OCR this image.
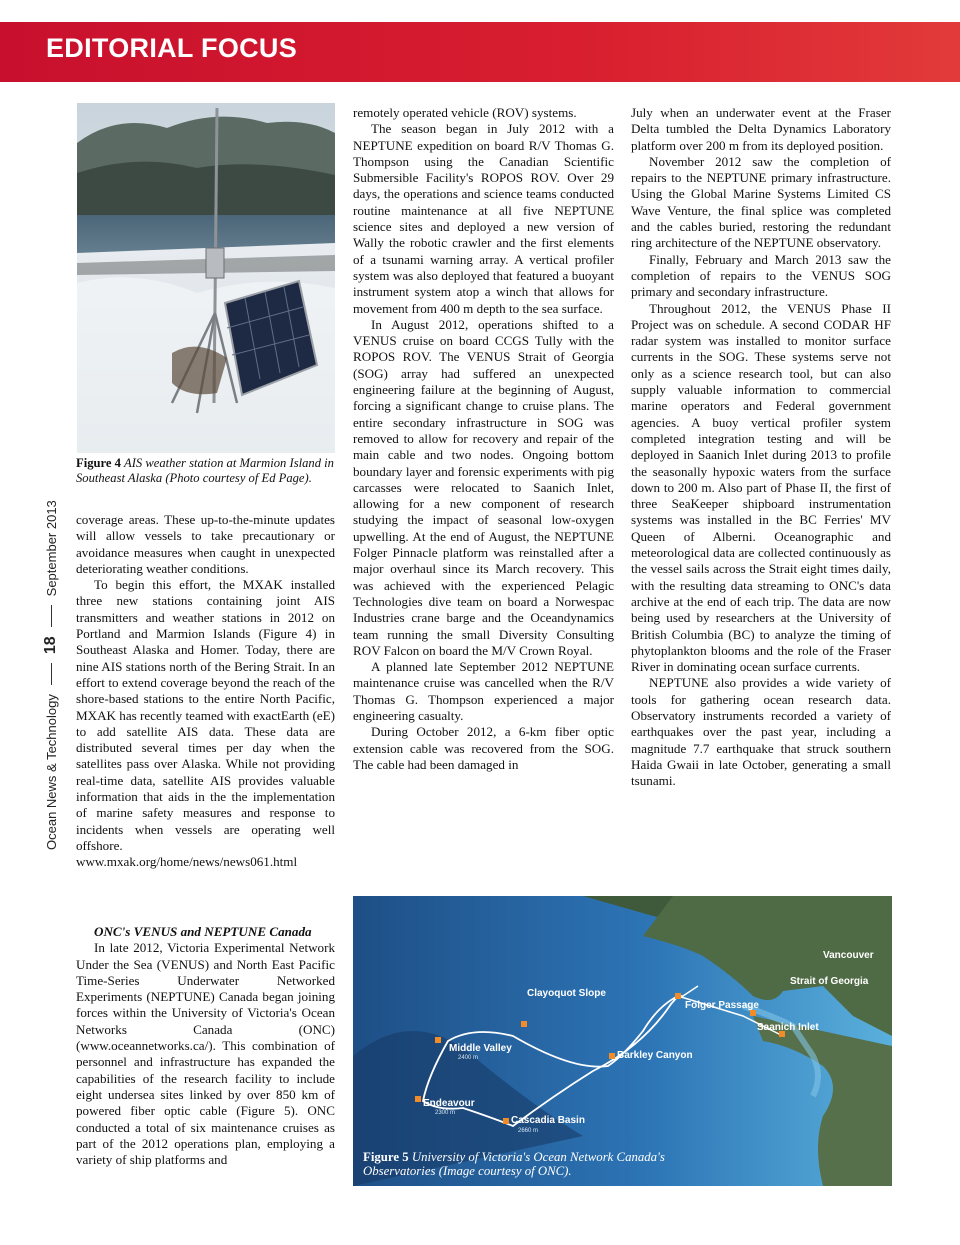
EDITORIAL FOCUS
Ocean News & Technology
18
September 2013
Figure 4 AIS weather station at Marmion Island in Southeast Alaska (Photo courtesy of Ed Page).

coverage areas. These up-to-the-minute updates will allow vessels to take precautionary or avoidance measures when caught in unexpected deteriorating weather conditions.

To begin this effort, the MXAK installed three new stations containing joint AIS transmitters and weather stations in 2012 on Portland and Marmion Islands (Figure 4) in Southeast Alaska and Homer. Today, there are nine AIS stations north of the Bering Strait. In an effort to extend coverage beyond the reach of the shore-based stations to the entire North Pacific, MXAK has recently teamed with exactEarth (eE) to add satellite AIS data. These data are distributed several times per day when the satellites pass over Alaska. While not providing real-time data, satellite AIS provides valuable information that aids in the the implementation of marine safety measures and response to incidents when vessels are operating well offshore. www.mxak.org/home/news/news061.html

ONC's VENUS and NEPTUNE Canada

In late 2012, Victoria Experimental Network Under the Sea (VENUS) and North East Pacific Time-Series Underwater Networked Experiments (NEPTUNE) Canada began joining forces within the University of Victoria's Ocean Networks Canada (ONC) (www.oceannetworks.ca/). This combination of personnel and infrastructure has expanded the capabilities of the research facility to include eight undersea sites linked by over 850 km of powered fiber optic cable (Figure 5). ONC conducted a total of six maintenance cruises as part of the 2012 operations plan, employing a variety of ship platforms and

remotely operated vehicle (ROV) systems.

The season began in July 2012 with a NEPTUNE expedition on board R/V Thomas G. Thompson using the Canadian Scientific Submersible Facility's ROPOS ROV. Over 29 days, the operations and science teams conducted routine maintenance at all five NEPTUNE science sites and deployed a new version of Wally the robotic crawler and the first elements of a tsunami warning array. A vertical profiler system was also deployed that featured a buoyant instrument system atop a winch that allows for movement from 400 m depth to the sea surface.

In August 2012, operations shifted to a VENUS cruise on board CCGS Tully with the ROPOS ROV. The VENUS Strait of Georgia (SOG) array had suffered an unexpected engineering failure at the beginning of August, forcing a significant change to cruise plans. The entire secondary infrastructure in SOG was removed to allow for recovery and repair of the main cable and two nodes. Ongoing bottom boundary layer and forensic experiments with pig carcasses were relocated to Saanich Inlet, allowing for a new component of research studying the impact of seasonal low-oxygen upwelling. At the end of August, the NEPTUNE Folger Pinnacle platform was reinstalled after a major overhaul since its March recovery. This was achieved with the experienced Pelagic Technologies dive team on board a Norwespac Industries crane barge and the Oceandynamics team running the small Diversity Consulting ROV Falcon on board the M/V Crown Royal.

A planned late September 2012 NEPTUNE maintenance cruise was cancelled when the R/V Thomas G. Thompson experienced a major engineering casualty.

During October 2012, a 6-km fiber optic extension cable was recovered from the SOG. The cable had been damaged in

July when an underwater event at the Fraser Delta tumbled the Delta Dynamics Laboratory platform over 200 m from its deployed position.

November 2012 saw the completion of repairs to the NEPTUNE primary infrastructure. Using the Global Marine Systems Limited CS Wave Venture, the final splice was completed and the cables buried, restoring the redundant ring architecture of the NEPTUNE observatory.

Finally, February and March 2013 saw the completion of repairs to the VENUS SOG primary and secondary infrastructure.

Throughout 2012, the VENUS Phase II Project was on schedule. A second CODAR HF radar system was installed to monitor surface currents in the SOG. These systems serve not only as a science research tool, but can also supply valuable information to commercial marine operators and Federal government agencies. A buoy vertical profiler system completed integration testing and will be deployed in Saanich Inlet during 2013 to profile the seasonally hypoxic waters from the surface down to 200 m. Also part of Phase II, the first of three SeaKeeper shipboard instrumentation systems was installed in the BC Ferries' MV Queen of Alberni. Oceanographic and meteorological data are collected continuously as the vessel sails across the Strait eight times daily, with the resulting data streaming to ONC's data archive at the end of each trip. The data are now being used by researchers at the University of British Columbia (BC) to analyze the timing of phytoplankton blooms and the role of the Fraser River in dominating ocean surface currents.

NEPTUNE also provides a wide variety of tools for gathering ocean research data. Observatory instruments recorded a variety of earthquakes over the past year, including a magnitude 7.7 earthquake that struck southern Haida Gwaii in late October, generating a small tsunami.

Clayoquot Slope
Middle Valley
2400 m	Barkley Canyon
Endeavour
2300 m
Cascadia Basin
2660 m
Folger Passage
Strait of Georgia
Saanich Inlet
Vancouver
Figure 5 University of Victoria's Ocean Network Canada's Observatories (Image courtesy of ONC).
